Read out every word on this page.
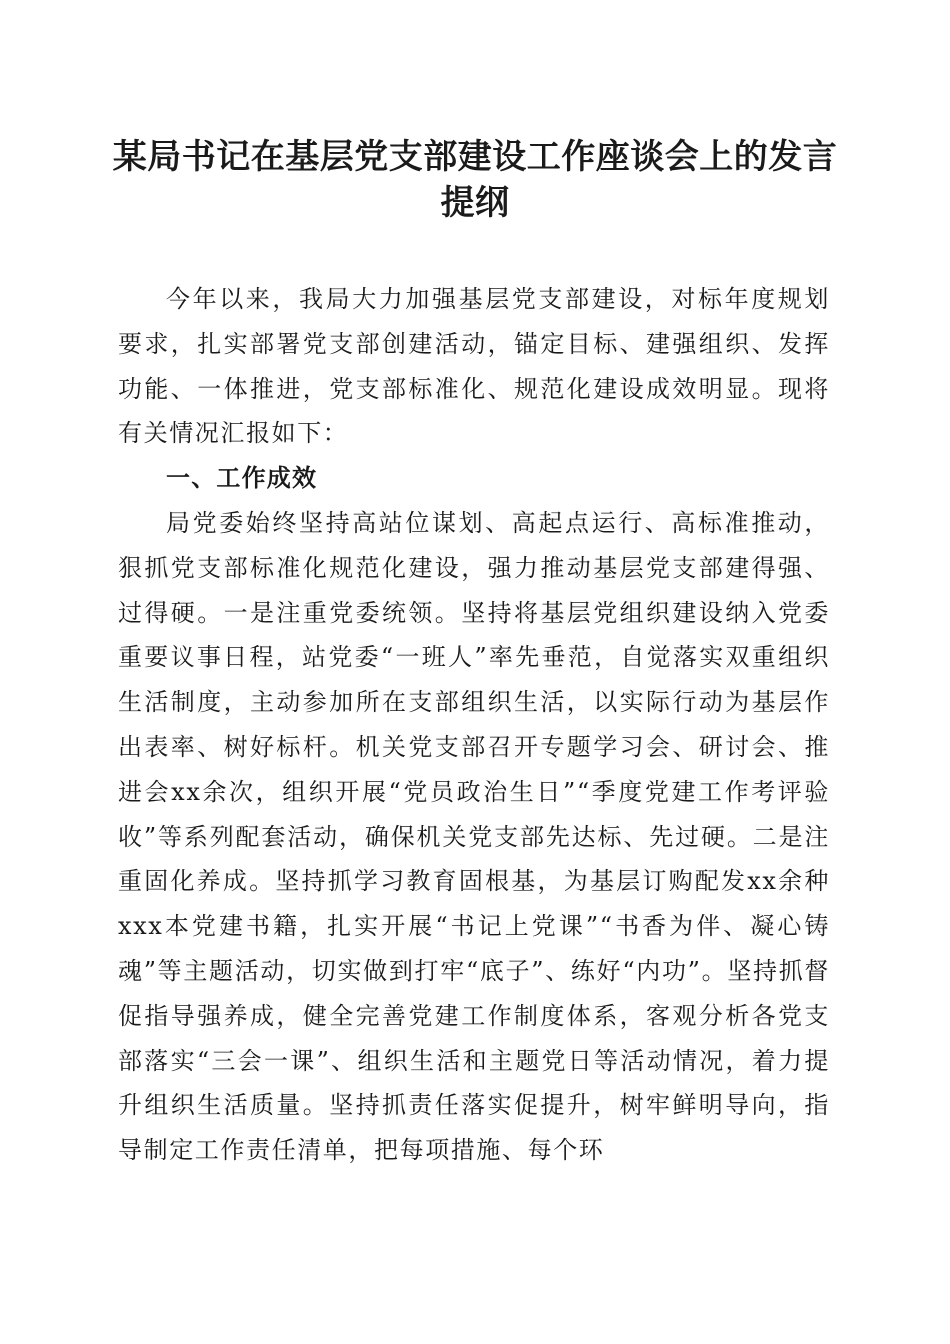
某局书记在基层党支部建设工作座谈会上的发言提纲

今年以来，我局大力加强基层党支部建设，对标年度规划要求，扎实部署党支部创建活动，锚定目标、建强组织、发挥功能、一体推进，党支部标准化、规范化建设成效明显。现将有关情况汇报如下：

一、工作成效

局党委始终坚持高站位谋划、高起点运行、高标准推动，狠抓党支部标准化规范化建设，强力推动基层党支部建得强、过得硬。一是注重党委统领。坚持将基层党组织建设纳入党委重要议事日程，站党委“一班人”率先垂范，自觉落实双重组织生活制度，主动参加所在支部组织生活，以实际行动为基层作出表率、树好标杆。机关党支部召开专题学习会、研讨会、推进会xx余次，组织开展“党员政治生日”“季度党建工作考评验收”等系列配套活动，确保机关党支部先达标、先过硬。二是注重固化养成。坚持抓学习教育固根基，为基层订购配发xx余种xxx本党建书籍，扎实开展“书记上党课”“书香为伴、凝心铸魂”等主题活动，切实做到打牢“底子”、练好“内功”。坚持抓督促指导强养成，健全完善党建工作制度体系，客观分析各党支部落实“三会一课”、组织生活和主题党日等活动情况，着力提升组织生活质量。坚持抓责任落实促提升，树牢鲜明导向，指导制定工作责任清单，把每项措施、每个环
